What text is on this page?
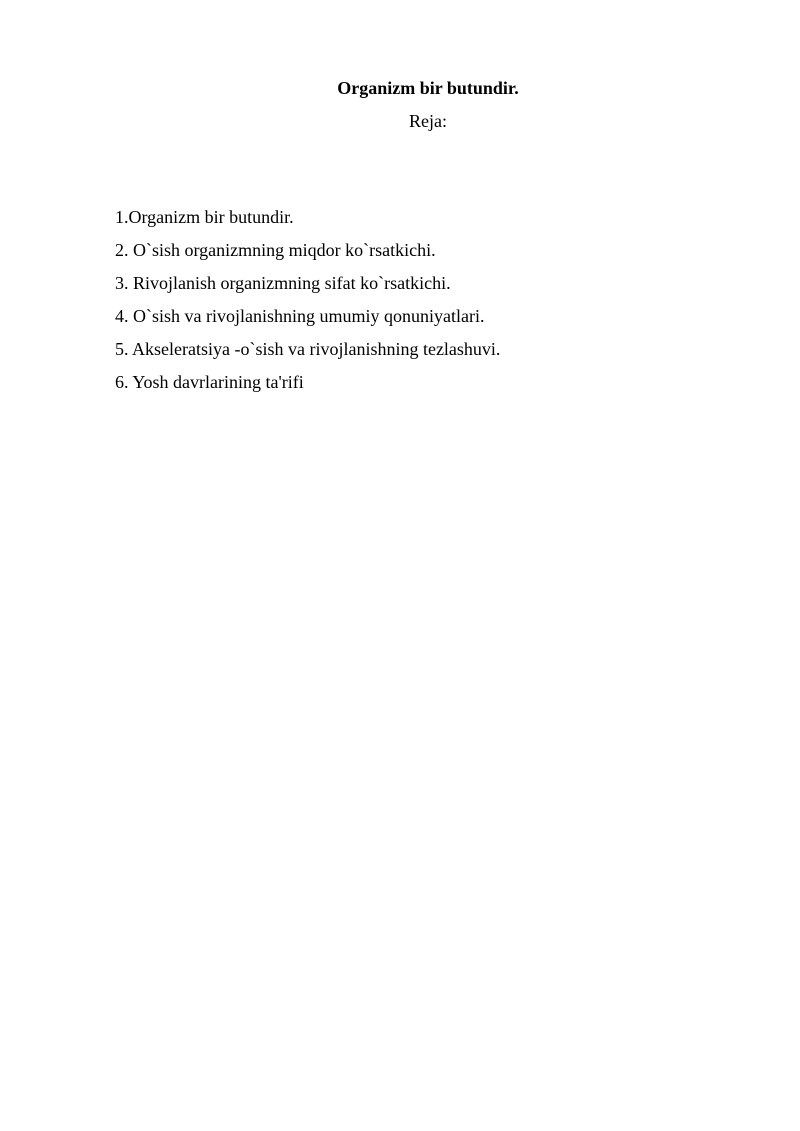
Organizm bir butundir.

Reja:

1.Organizm bir butundir.
2. O`sish organizmning miqdor ko`rsatkichi.
3. Rivojlanish organizmning sifat ko`rsatkichi.
4. O`sish va rivojlanishning umumiy qonuniyatlari.
5. Akseleratsiya -o`sish va rivojlanishning tezlashuvi.
6. Yosh davrlarining ta'rifi
